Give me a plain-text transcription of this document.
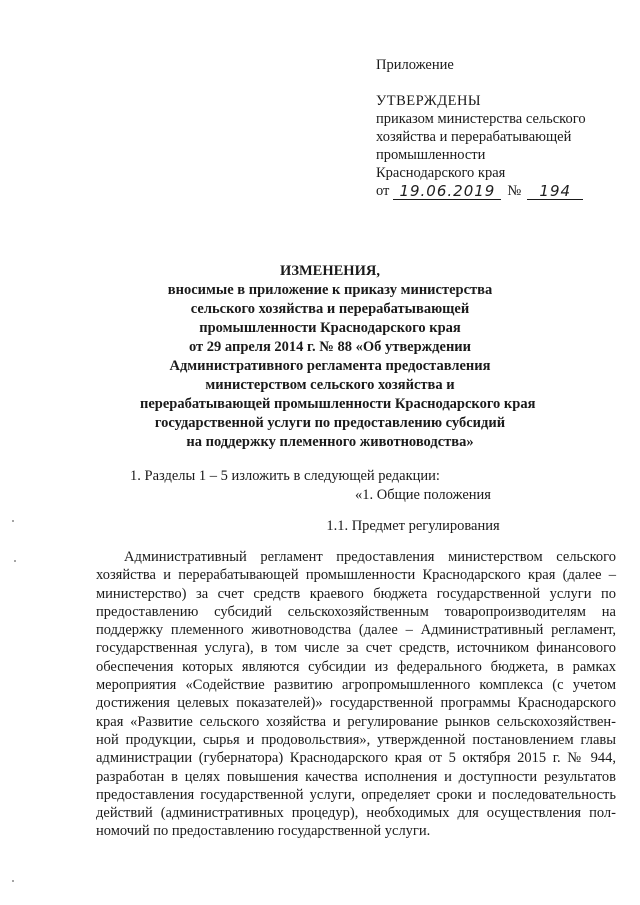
Приложение

УТВЕРЖДЕНЫ

приказом министерства сельского

хозяйства и перерабатывающей

промышленности

Краснодарского края

от 19.06.2019 №	194
ИЗМЕНЕНИЯ,
вносимые в приложение к приказу министерства
сельского хозяйства и перерабатывающей
промышленности Краснодарского края
от 29 апреля 2014 г. № 88 «Об утверждении
Административного регламента предоставления
министерством сельского хозяйства и
перерабатывающей промышленности Краснодарского края
государственной услуги по предоставлению субсидий
на поддержку племенного животноводства»

1. Разделы 1 – 5 изложить в следующей редакции:

«1. Общие положения

1.1. Предмет регулирования

Административный регламент предоставления министерством сельского
хозяйства и перерабатывающей промышленности Краснодарского края (далее –
министерство) за счет средств краевого бюджета государственной услуги по
предоставлению субсидий сельскохозяйственным товаропроизводителям на
поддержку племенного животноводства (далее – Административный регламент,
государственная услуга), в том числе за счет средств, источником финансового
обеспечения которых являются субсидии из федерального бюджета, в рамках
мероприятия «Содействие развитию агропромышленного комплекса (с учетом
достижения целевых показателей)» государственной программы Краснодарского
края «Развитие сельского хозяйства и регулирование рынков сельскохозяйствен-
ной продукции, сырья и продовольствия», утвержденной постановлением главы
администрации (губернатора) Краснодарского края от 5 октября 2015 г. № 944,
разработан в целях повышения качества исполнения и доступности результатов
предоставления государственной услуги, определяет сроки и последовательность
действий (административных процедур), необходимых для осуществления пол-
номочий по предоставлению государственной услуги.
